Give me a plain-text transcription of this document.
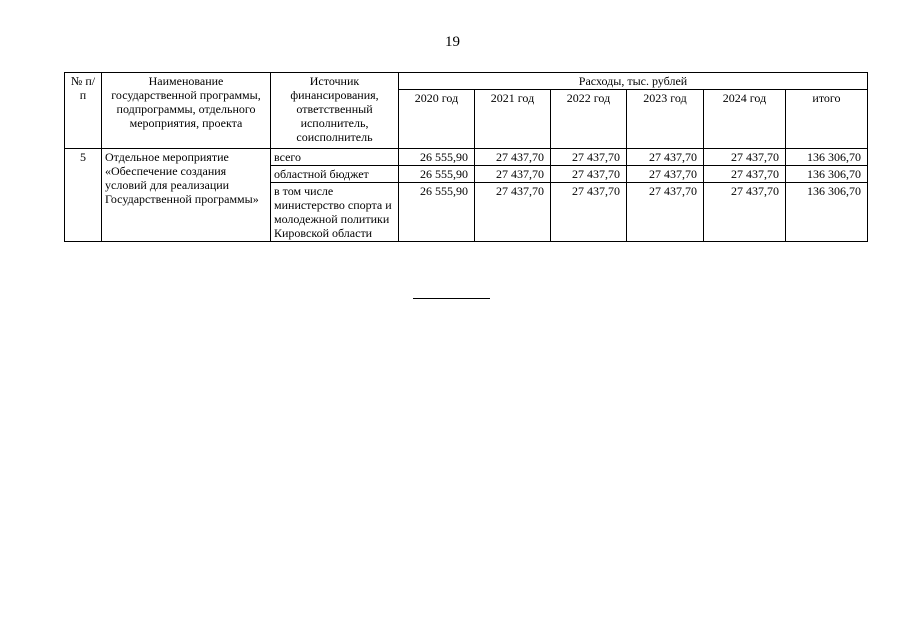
19
№ п/п	Наименование государственной программы, подпрограммы, отдельного мероприятия, проекта	Источник финансирования, ответственный исполнитель, соисполнитель	Расходы, тыс. рублей					
			2020 год	2021 год	2022 год	2023 год	2024 год	итого
5	Отдельное мероприятие «Обеспечение создания условий для реализации Государственной программы»	всего	26 555,90	27 437,70	27 437,70	27 437,70	27 437,70	136 306,70
		областной бюджет	26 555,90	27 437,70	27 437,70	27 437,70	27 437,70	136 306,70
		в том числе министерство спорта и молодежной политики Кировской области	26 555,90	27 437,70	27 437,70	27 437,70	27 437,70	136 306,70
